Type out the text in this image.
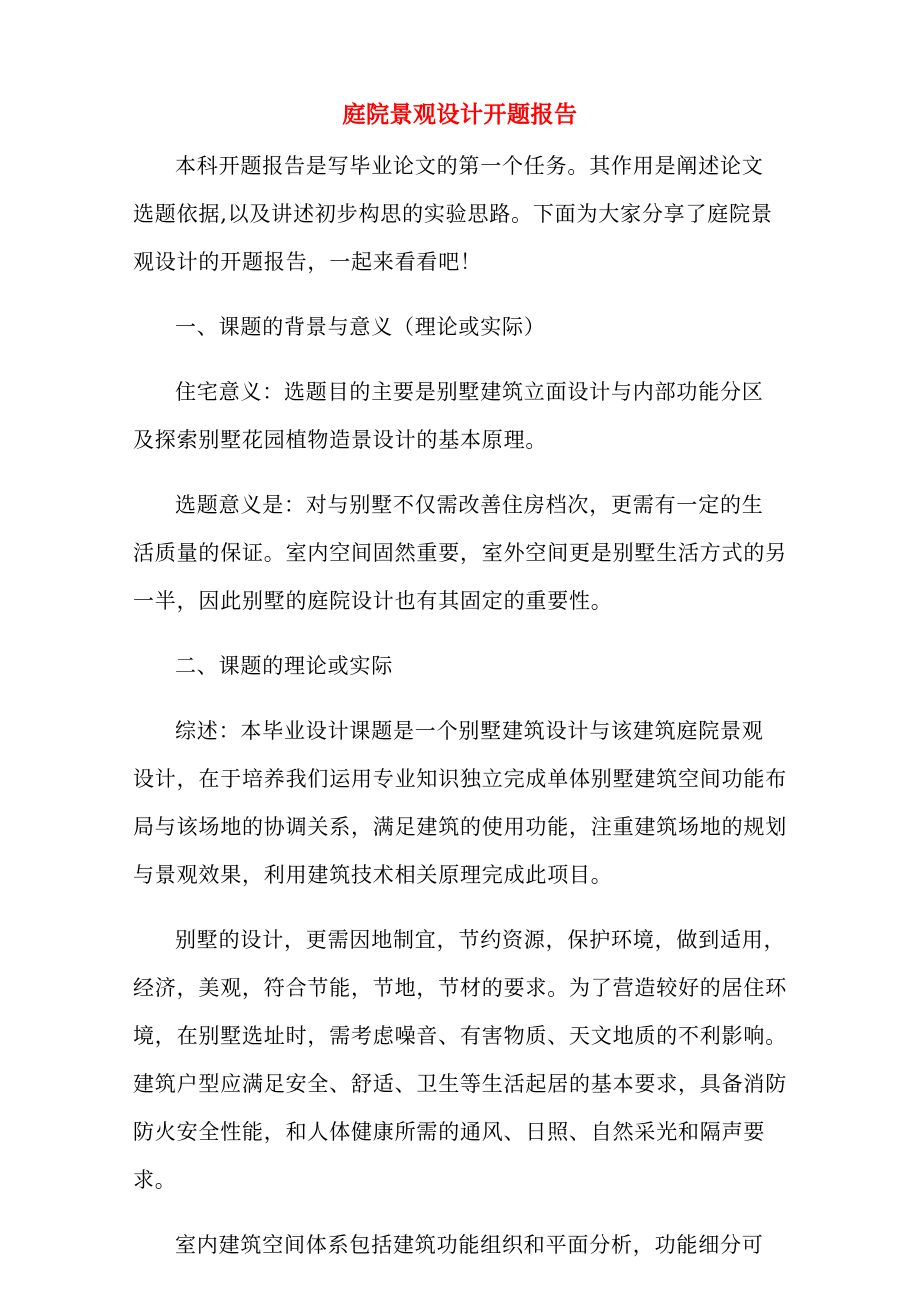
庭院景观设计开题报告

本科开题报告是写毕业论文的第一个任务。其作用是阐述论文
选题依据,以及讲述初步构思的实验思路。下面为大家分享了庭院景
观设计的开题报告，一起来看看吧！

一、课题的背景与意义（理论或实际）

住宅意义：选题目的主要是别墅建筑立面设计与内部功能分区
及探索别墅花园植物造景设计的基本原理。

选题意义是：对与别墅不仅需改善住房档次，更需有一定的生
活质量的保证。室内空间固然重要，室外空间更是别墅生活方式的另
一半，因此别墅的庭院设计也有其固定的重要性。

二、课题的理论或实际

综述：本毕业设计课题是一个别墅建筑设计与该建筑庭院景观
设计，在于培养我们运用专业知识独立完成单体别墅建筑空间功能布
局与该场地的协调关系，满足建筑的使用功能，注重建筑场地的规划
与景观效果，利用建筑技术相关原理完成此项目。

别墅的设计，更需因地制宜，节约资源，保护环境，做到适用，
经济，美观，符合节能，节地，节材的要求。为了营造较好的居住环
境，在别墅选址时，需考虑噪音、有害物质、天文地质的不利影响。
建筑户型应满足安全、舒适、卫生等生活起居的基本要求，具备消防
防火安全性能，和人体健康所需的通风、日照、自然采光和隔声要
求。

室内建筑空间体系包括建筑功能组织和平面分析，功能细分可
